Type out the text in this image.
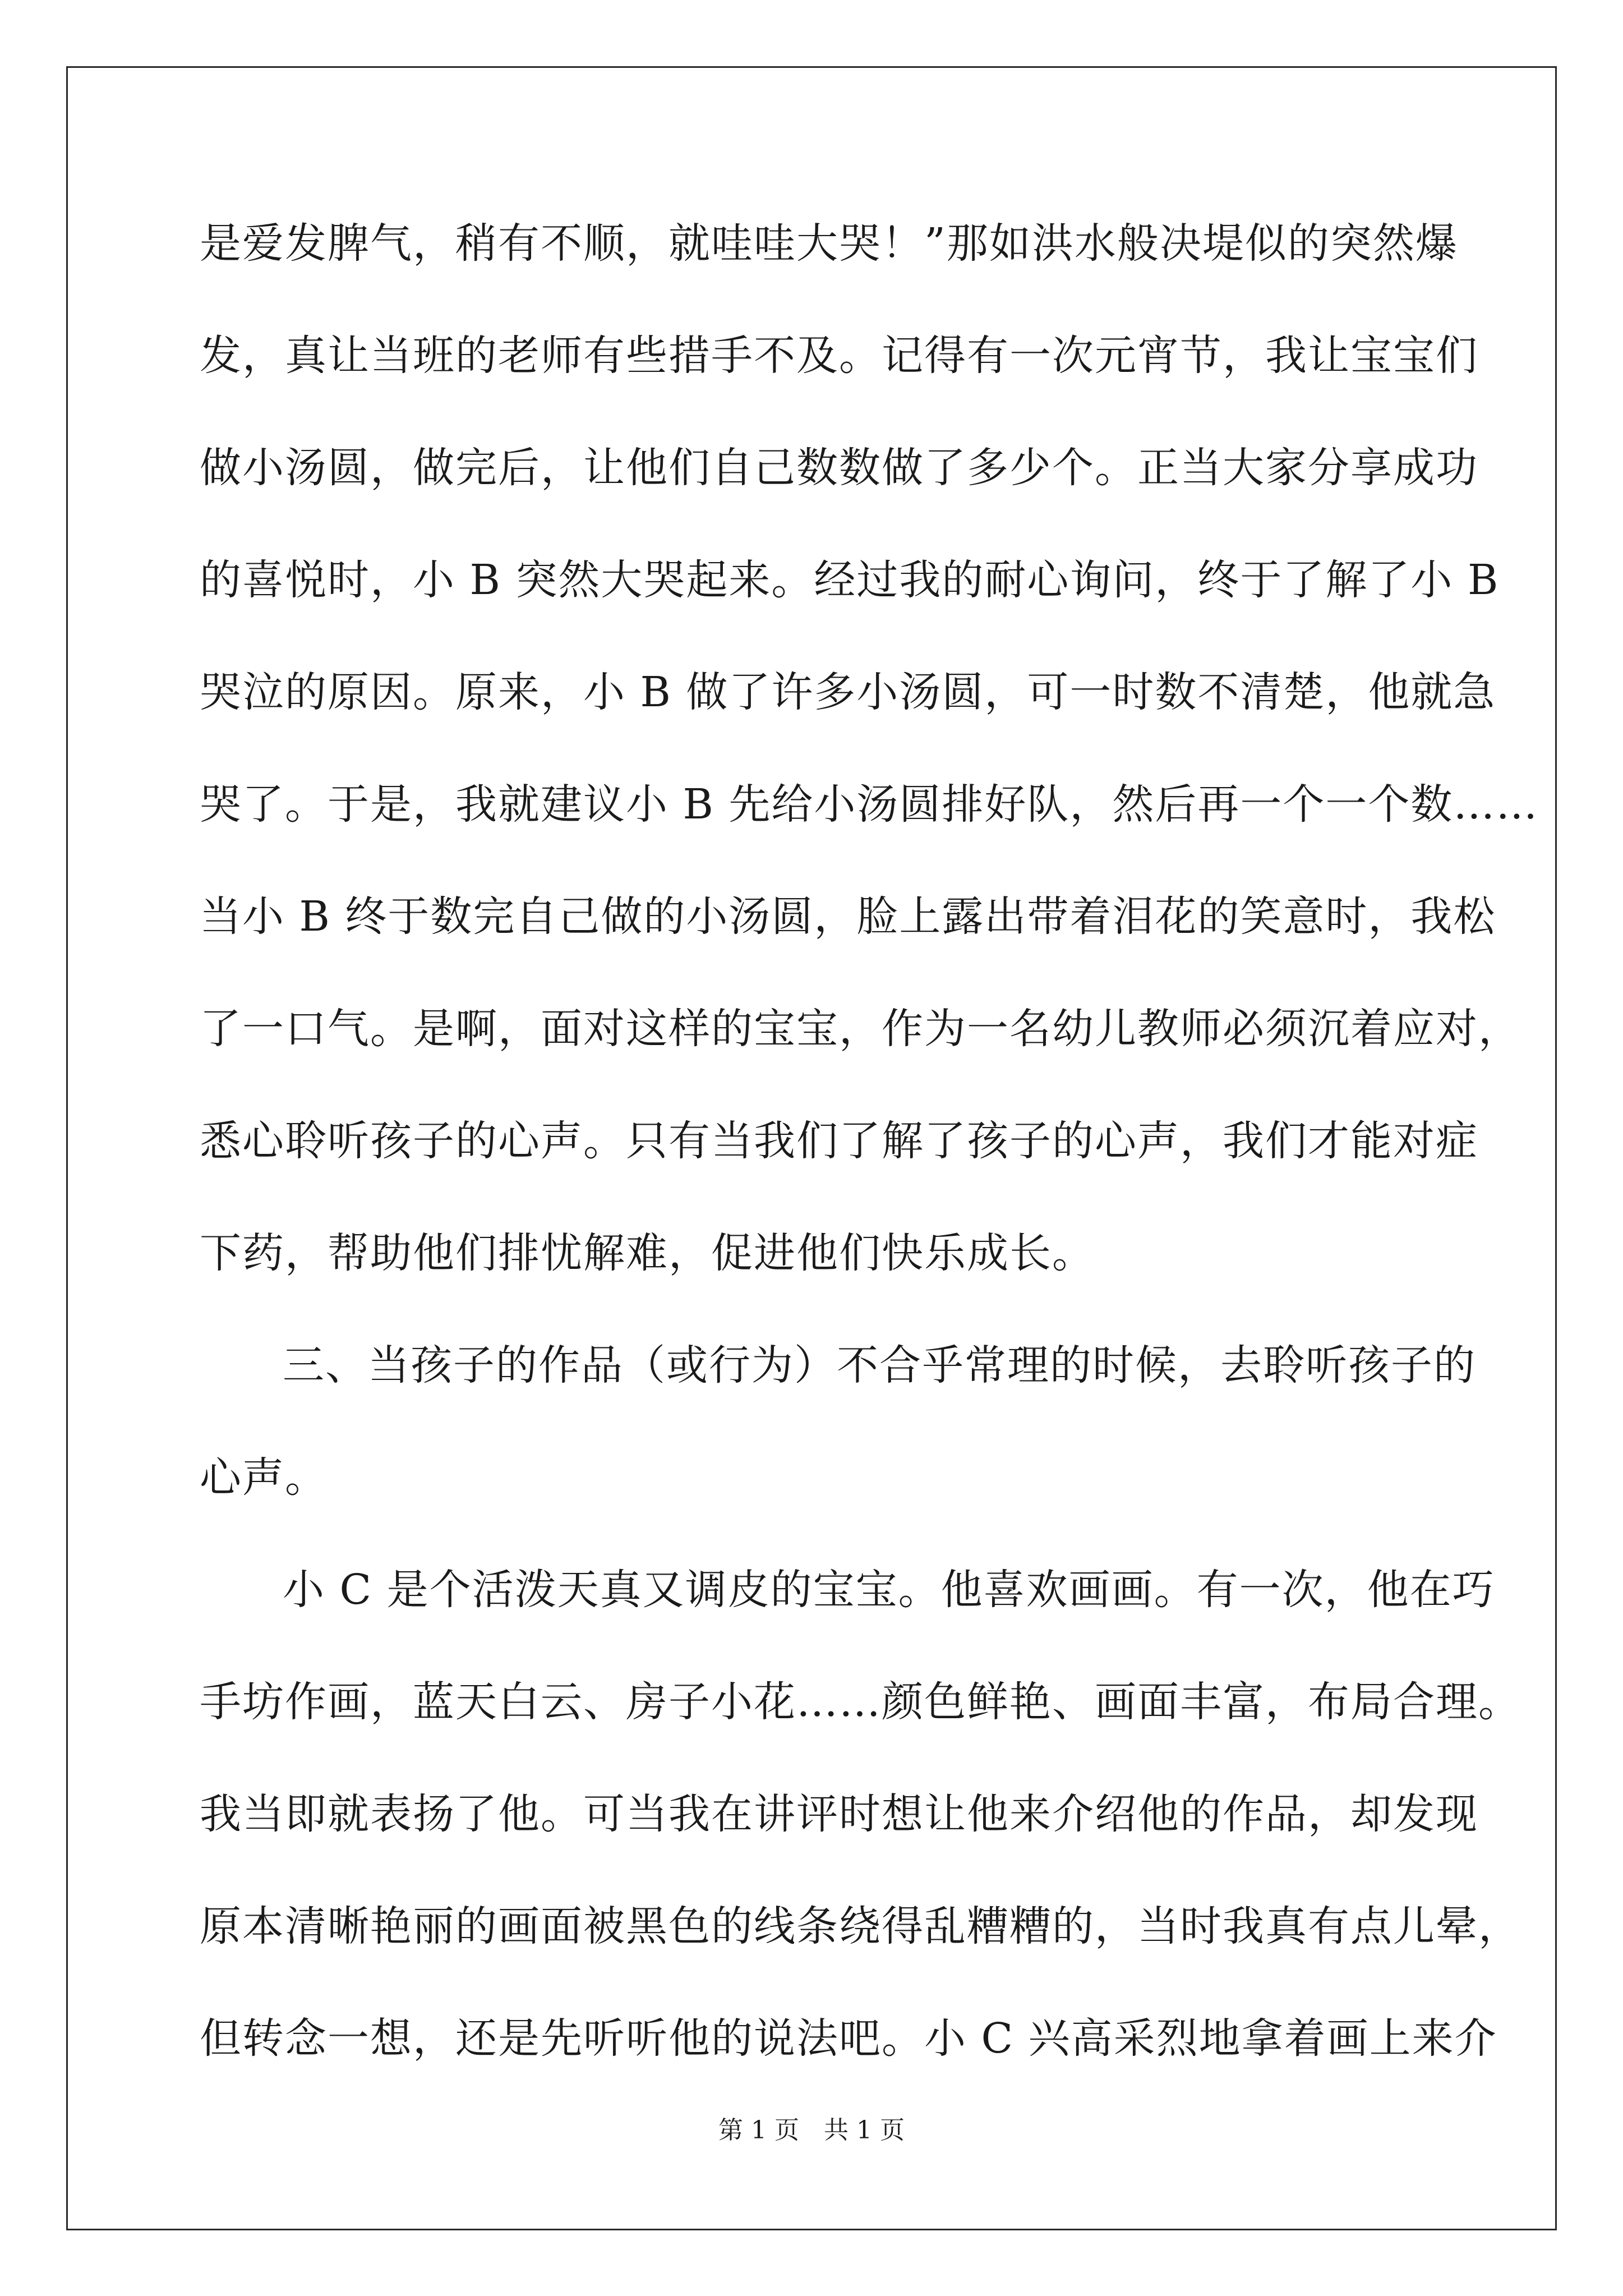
是爱发脾气，稍有不顺，就哇哇大哭！”那如洪水般决堤似的突然爆
发，真让当班的老师有些措手不及。记得有一次元宵节，我让宝宝们
做小汤圆，做完后，让他们自己数数做了多少个。正当大家分享成功
的喜悦时，小 B 突然大哭起来。经过我的耐心询问，终于了解了小 B
哭泣的原因。原来，小 B 做了许多小汤圆，可一时数不清楚，他就急
哭了。于是，我就建议小 B 先给小汤圆排好队，然后再一个一个数……
当小 B 终于数完自己做的小汤圆，脸上露出带着泪花的笑意时，我松
了一口气。是啊，面对这样的宝宝，作为一名幼儿教师必须沉着应对，
悉心聆听孩子的心声。只有当我们了解了孩子的心声，我们才能对症
下药，帮助他们排忧解难，促进他们快乐成长。
三、当孩子的作品（或行为）不合乎常理的时候，去聆听孩子的
心声。
小 C 是个活泼天真又调皮的宝宝。他喜欢画画。有一次，他在巧
手坊作画，蓝天白云、房子小花……颜色鲜艳、画面丰富，布局合理。
我当即就表扬了他。可当我在讲评时想让他来介绍他的作品，却发现
原本清晰艳丽的画面被黑色的线条绕得乱糟糟的，当时我真有点儿晕，
但转念一想，还是先听听他的说法吧。小 C 兴高采烈地拿着画上来介
第 1 页　共 1 页
